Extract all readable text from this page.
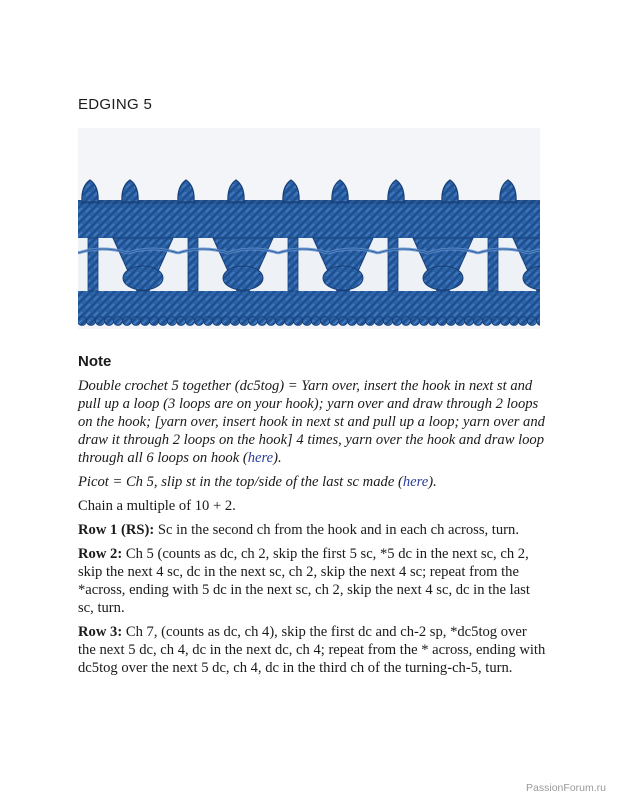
EDGING 5
Note

Double crochet 5 together (dc5tog) = Yarn over, insert the hook in next st and pull up a loop (3 loops are on your hook); yarn over and draw through 2 loops on the hook; [yarn over, insert hook in next st and pull up a loop; yarn over and draw it through 2 loops on the hook] 4 times, yarn over the hook and draw loop through all 6 loops on hook (here).

Picot = Ch 5, slip st in the top/side of the last sc made (here).

Chain a multiple of 10 + 2.

Row 1 (RS): Sc in the second ch from the hook and in each ch across, turn.

Row 2: Ch 5 (counts as dc, ch 2, skip the first 5 sc, *5 dc in the next sc, ch 2, skip the next 4 sc, dc in the next sc, ch 2, skip the next 4 sc; repeat from the *across, ending with 5 dc in the next sc, ch 2, skip the next 4 sc, dc in the last sc, turn.

Row 3: Ch 7, (counts as dc, ch 4), skip the first dc and ch-2 sp, *dc5tog over the next 5 dc, ch 4, dc in the next dc, ch 4; repeat from the * across, ending with dc5tog over the next 5 dc, ch 4, dc in the third ch of the turning-ch-5, turn.

PassionForum.ru
